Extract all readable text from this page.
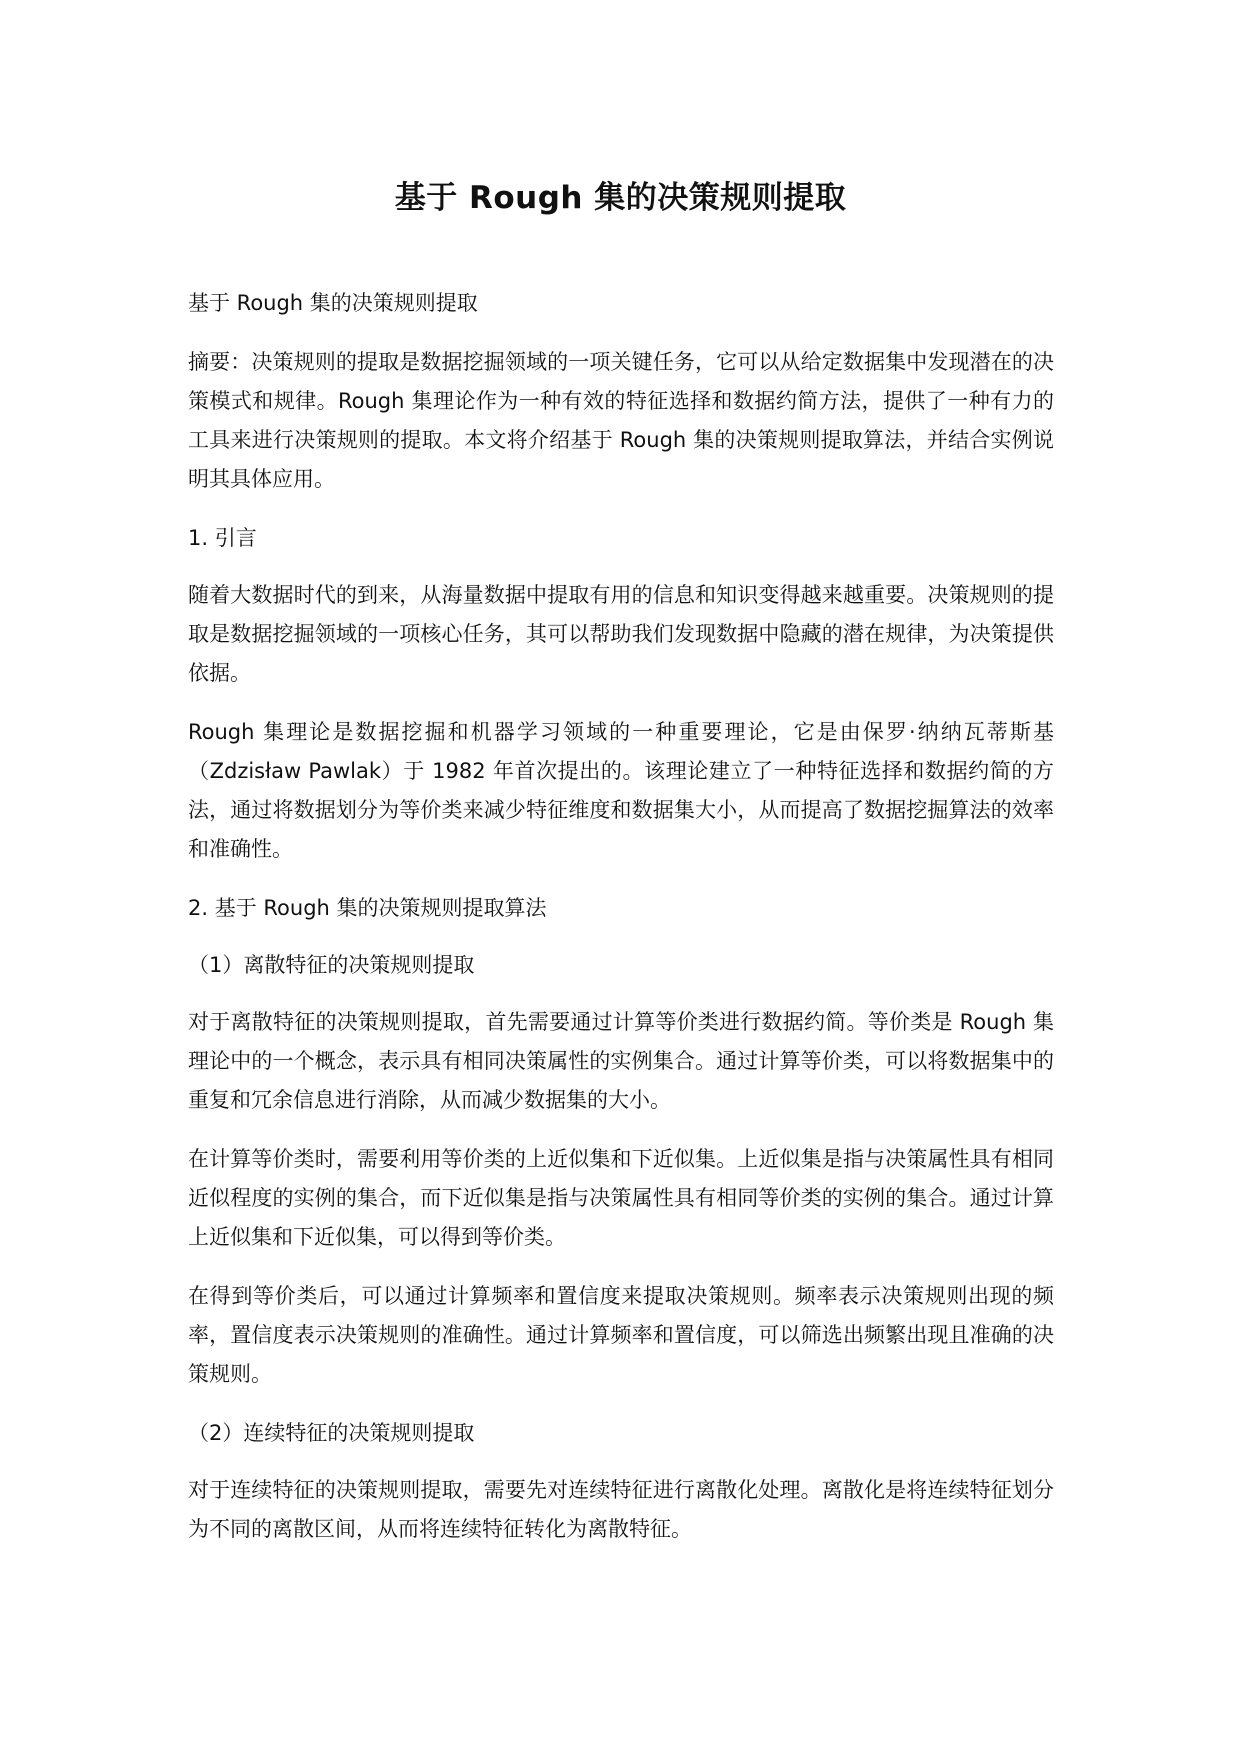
基于 Rough 集的决策规则提取

基于 Rough 集的决策规则提取

摘要：决策规则的提取是数据挖掘领域的一项关键任务，它可以从给定数据集中发现潜在的决策模式和规律。Rough 集理论作为一种有效的特征选择和数据约简方法，提供了一种有力的工具来进行决策规则的提取。本文将介绍基于 Rough 集的决策规则提取算法，并结合实例说明其具体应用。

1. 引言

随着大数据时代的到来，从海量数据中提取有用的信息和知识变得越来越重要。决策规则的提取是数据挖掘领域的一项核心任务，其可以帮助我们发现数据中隐藏的潜在规律，为决策提供依据。

Rough 集理论是数据挖掘和机器学习领域的一种重要理论，它是由保罗·纳纳瓦蒂斯基（Zdzisław Pawlak）于 1982 年首次提出的。该理论建立了一种特征选择和数据约简的方法，通过将数据划分为等价类来减少特征维度和数据集大小，从而提高了数据挖掘算法的效率和准确性。

2. 基于 Rough 集的决策规则提取算法

（1）离散特征的决策规则提取

对于离散特征的决策规则提取，首先需要通过计算等价类进行数据约简。等价类是 Rough 集理论中的一个概念，表示具有相同决策属性的实例集合。通过计算等价类，可以将数据集中的重复和冗余信息进行消除，从而减少数据集的大小。

在计算等价类时，需要利用等价类的上近似集和下近似集。上近似集是指与决策属性具有相同近似程度的实例的集合，而下近似集是指与决策属性具有相同等价类的实例的集合。通过计算上近似集和下近似集，可以得到等价类。

在得到等价类后，可以通过计算频率和置信度来提取决策规则。频率表示决策规则出现的频率，置信度表示决策规则的准确性。通过计算频率和置信度，可以筛选出频繁出现且准确的决策规则。

（2）连续特征的决策规则提取

对于连续特征的决策规则提取，需要先对连续特征进行离散化处理。离散化是将连续特征划分为不同的离散区间，从而将连续特征转化为离散特征。
